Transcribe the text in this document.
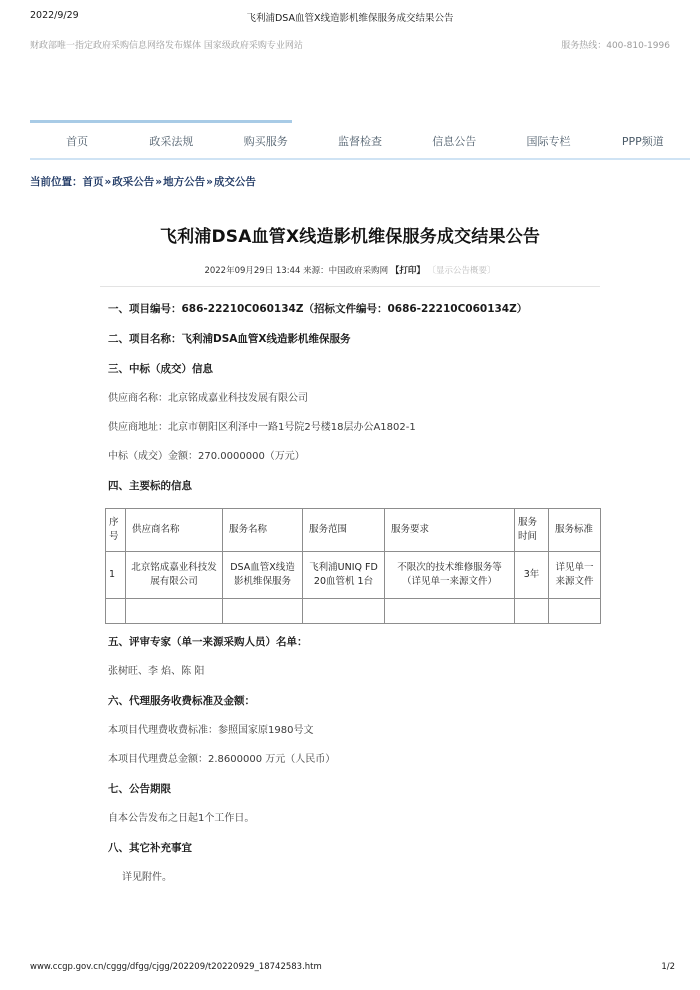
飞利浦DSA血管X线造影机维保服务成交结果公告
2022/9/29
财政部唯一指定政府采购信息网络发布媒体 国家级政府采购专业网站	服务热线：400-810-1996
首页	政采法规	购买服务	监督检查	信息公告	国际专栏	PPP频道
当前位置：首页»政采公告»地方公告»成交公告
飞利浦DSA血管X线造影机维保服务成交结果公告
2022年09月29日 13:44 来源：中国政府采购网 【打印】 〔显示公告概要〕
一、项目编号：686-22210C060134Z（招标文件编号：0686-22210C060134Z）
二、项目名称：飞利浦DSA血管X线造影机维保服务
三、中标（成交）信息
供应商名称：北京铭成嘉业科技发展有限公司
供应商地址：北京市朝阳区利泽中一路1号院2号楼18层办公A1802-1
中标（成交）金额：270.0000000（万元）
四、主要标的信息
序号	供应商名称	服务名称	服务范围	服务要求	服务时间	服务标准
1	北京铭成嘉业科技发展有限公司	DSA血管X线造影机维保服务	飞利浦UNIQ FD20血管机 1台	不限次的技术维修服务等（详见单一来源文件）	3年	详见单一来源文件

五、评审专家（单一来源采购人员）名单：
张树旺、李 焰、陈 阳
六、代理服务收费标准及金额：
本项目代理费收费标准：参照国家原1980号文
本项目代理费总金额：2.8600000 万元（人民币）
七、公告期限
自本公告发布之日起1个工作日。
八、其它补充事宜
详见附件。
www.ccgp.gov.cn/cggg/dfgg/cjgg/202209/t20220929_18742583.htm	1/2
